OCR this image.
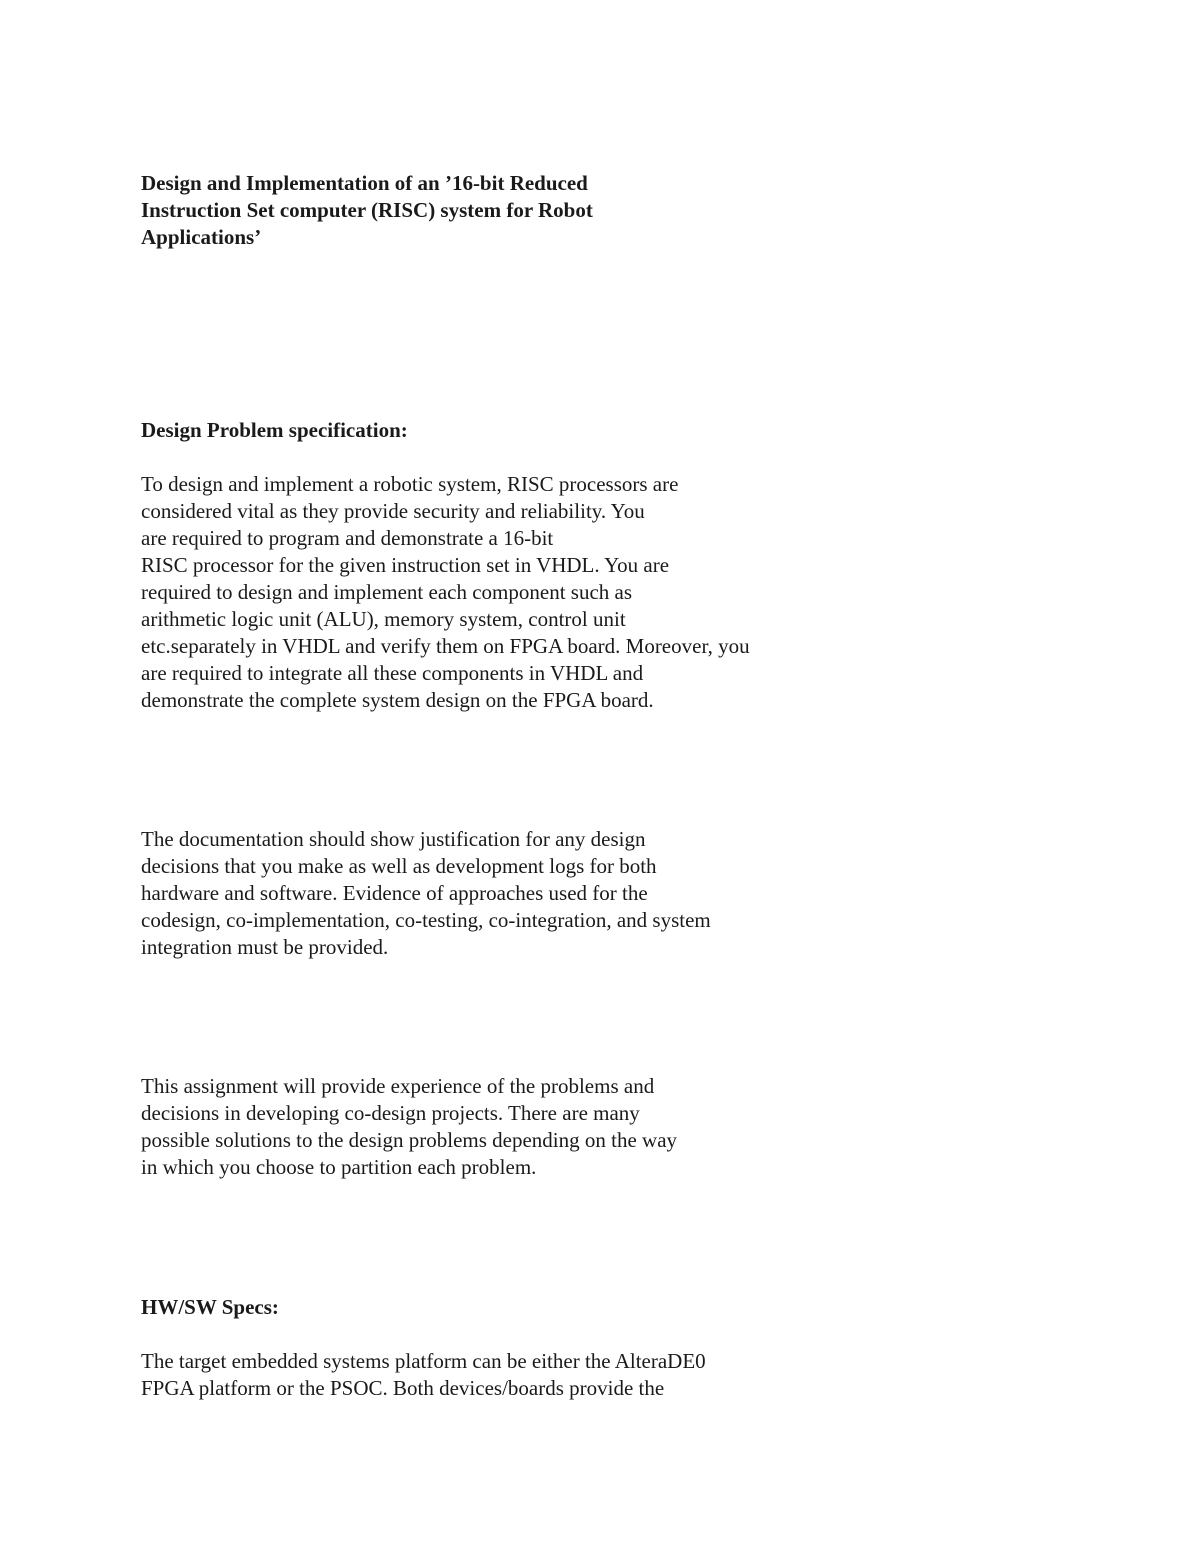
Design and Implementation of an ’16-bit Reduced
Instruction Set computer (RISC) system for Robot
Applications’
Design Problem specification:
To design and implement a robotic system, RISC processors are
considered vital as they provide security and reliability. You
are required to program and demonstrate a 16-bit
RISC processor for the given instruction set in VHDL. You are
required to design and implement each component such as
arithmetic logic unit (ALU), memory system, control unit
etc.separately in VHDL and verify them on FPGA board. Moreover, you
are required to integrate all these components in VHDL and
demonstrate the complete system design on the FPGA board.
The documentation should show justification for any design
decisions that you make as well as development logs for both
hardware and software. Evidence of approaches used for the
codesign, co-implementation, co-testing, co-integration, and system
integration must be provided.
This assignment will provide experience of the problems and
decisions in developing co-design projects. There are many
possible solutions to the design problems depending on the way
in which you choose to partition each problem.
HW/SW Specs:
The target embedded systems platform can be either the AlteraDE0
FPGA platform or the PSOC. Both devices/boards provide the
